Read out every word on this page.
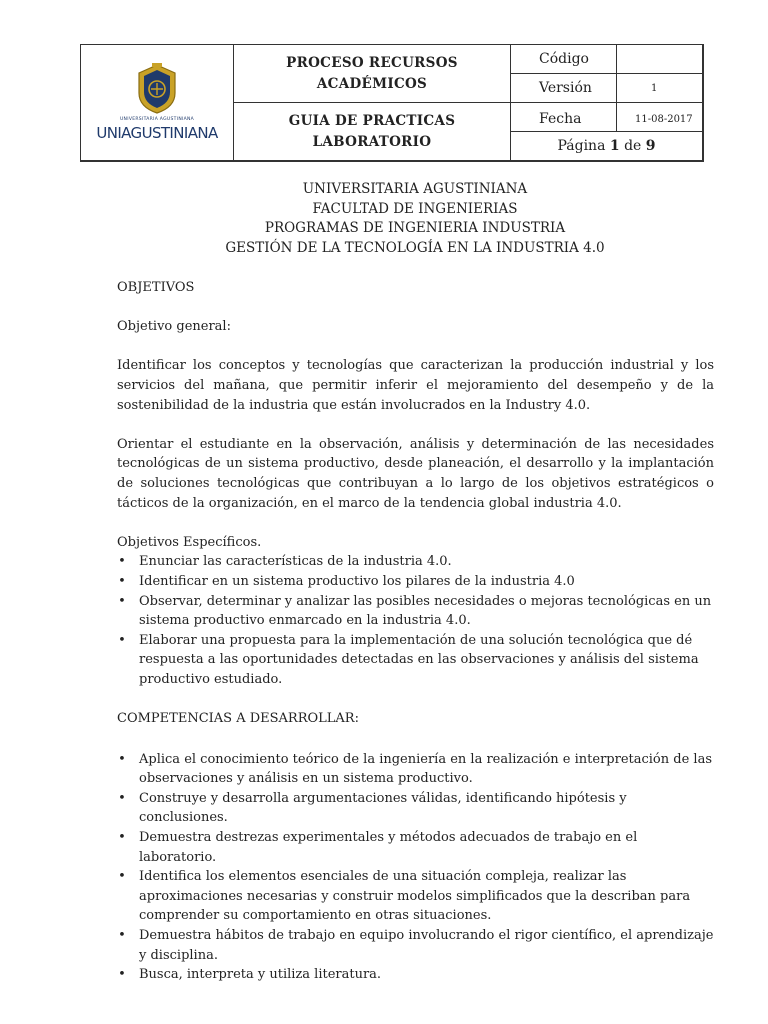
UNIVERSITARIA AGUSTINIANA
UNIAGUSTINIANA
PROCESO RECURSOS
ACADÉMICOS
GUIA DE PRACTICAS
LABORATORIO
Código
Versión	1
Fecha	11-08-2017
Página
1
de
9
UNIVERSITARIA AGUSTINIANA
FACULTAD DE INGENIERIAS
PROGRAMAS DE INGENIERIA INDUSTRIA
GESTIÓN DE LA TECNOLOGÍA EN LA INDUSTRIA 4.0

OBJETIVOS

Objetivo general:

Identificar los conceptos y tecnologías que caracterizan la producción industrial y los servicios del mañana, que permitir inferir el mejoramiento del desempeño y de la sostenibilidad de la industria que están involucrados en la Industry 4.0.

Orientar el estudiante en la observación, análisis y determinación de las necesidades tecnológicas de un sistema productivo, desde planeación, el desarrollo y la implantación de soluciones tecnológicas que contribuyan a lo largo de los objetivos estratégicos o tácticos de la organización, en el marco de la tendencia global industria 4.0.

Objetivos Específicos.

• Enunciar las características de la industria 4.0.
• Identificar en un sistema productivo los pilares de la industria 4.0
• Observar, determinar y analizar las posibles necesidades o mejoras tecnológicas en un sistema productivo enmarcado en la industria 4.0.
• Elaborar una propuesta para la implementación de una solución tecnológica que dé respuesta a las oportunidades detectadas en las observaciones y análisis del sistema productivo estudiado.

COMPETENCIAS A DESARROLLAR:

• Aplica el conocimiento teórico de la ingeniería en la realización e interpretación de las observaciones y análisis en un sistema productivo.
• Construye y desarrolla argumentaciones válidas, identificando hipótesis y conclusiones.
• Demuestra destrezas experimentales y métodos adecuados de trabajo en el laboratorio.
• Identifica los elementos esenciales de una situación compleja, realizar las aproximaciones necesarias y construir modelos simplificados que la describan para comprender su comportamiento en otras situaciones.
• Demuestra hábitos de trabajo en equipo involucrando el rigor científico, el aprendizaje y disciplina.
• Busca, interpreta y utiliza literatura.
